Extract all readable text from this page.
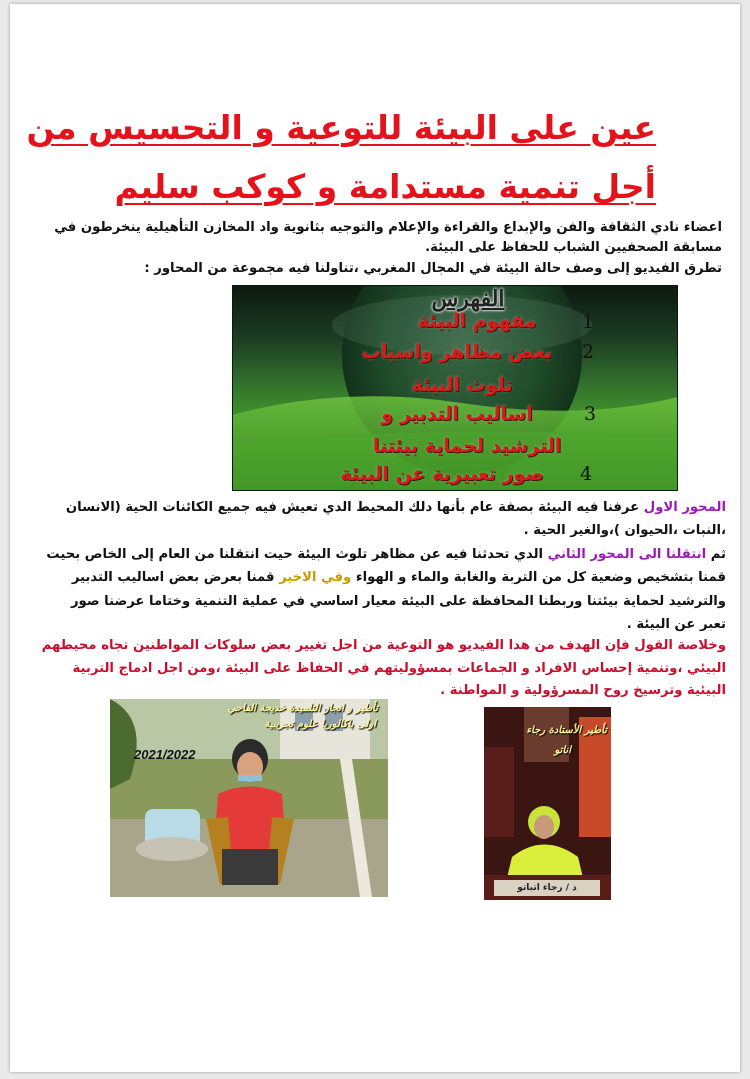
عين على البيئة للتوعية و التحسيس من
أجل تنمية مستدامة و كوكب سليم
اعضاء نادي الثقافة والفن والإبداع والقراءة والإعلام والتوجيه بثانوية واد المخازن التأهيلية ينخرطون في
مسابقة الصحفيين الشباب للحفاظ على البيئة.
تطرق الفيديو إلى وصف حالة البيئة في المجال المغربي ،تناولنا فيه مجموعة من المحاور :
الفهرس
1
مفهوم البيئة
2
بعض مظاهر واسباب
تلوث البيئة
3
اساليب التدبير و
الترشيد لحماية بيئتنا
4
صور تعبيرية عن البيئة
المحور الاول عرفنا فيه البيئة بصفة عام بأنها دلك المحيط الدي تعيش فيه جميع الكائنات الحية (الانسان
،النبات ،الحيوان )،والغير الحية .
ثم انتقلنا الى المحور الثاني الدي تحدثنا فيه عن مظاهر تلوث البيئة حيت انتقلنا من العام إلى الخاص بحيت
قمنا بتشخيص وضعية كل من التربة والغابة والماء و الهواء وفي الاخير قمنا بعرض بعض اساليب التدبير
والترشيد لحماية بيئتنا وربطنا المحافظة على البيئة معيار اساسي في عملية التنمية وختاما عرضنا صور
تعبر عن البيئة .
وخلاصة القول فإن الهدف من هدا الفيديو هو التوعية من اجل تغيير بعض سلوكات المواطنين تجاه محيطهم
البيئي ،وتنمية إحساس الافراد و الجماعات بمسؤوليتهم في الحفاظ على البيئة ،ومن اجل ادماج التربية
البيئية وترسيخ روح المسرؤولية و المواطنة .
تأطير و انجاز التلميدة خديجة الفاحي
اولى باكالوريا علوم تجريبية
2021/2022
تأطير الأستادة رجاء
اناتو
د / رجاء اتباتو
